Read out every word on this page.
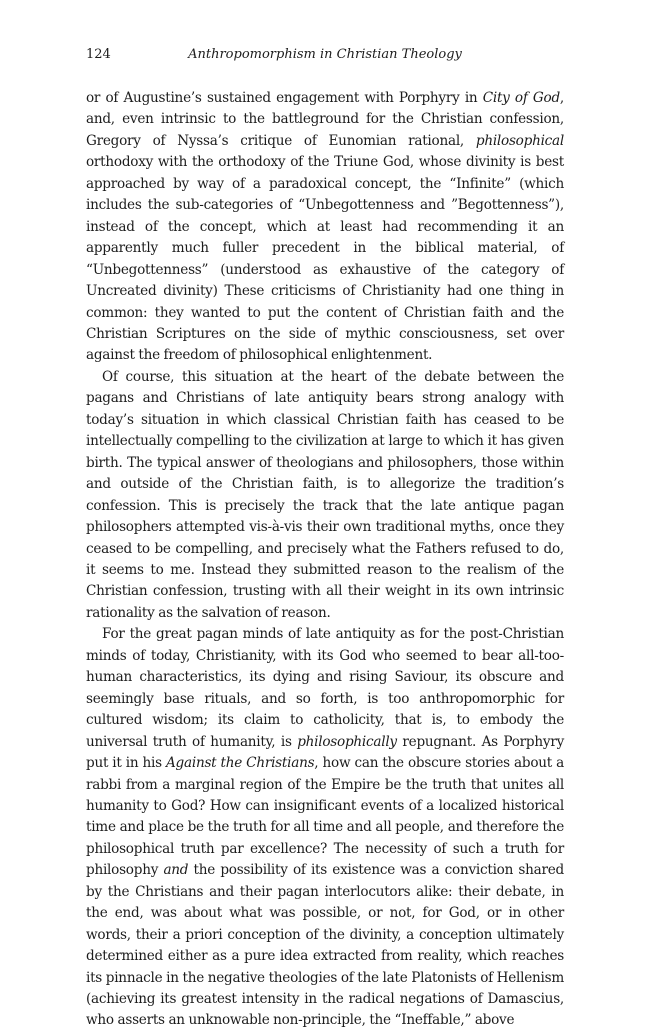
124	Anthropomorphism in Christian Theology

or of Augustine’s sustained engagement with Porphyry in City of God, and, even intrinsic to the battleground for the Christian confession, Gregory of Nyssa’s critique of Eunomian rational, philosophical orthodoxy with the orthodoxy of the Triune God, whose divinity is best approached by way of a paradoxical concept, the “Infinite” (which includes the sub-categories of “Unbegottenness and ”Begottenness”), instead of the concept, which at least had recommending it an apparently much fuller precedent in the biblical material, of “Unbegottenness” (understood as exhaustive of the category of Uncreated divinity) These criticisms of Christianity had one thing in common: they wanted to put the content of Christian faith and the Christian Scriptures on the side of mythic consciousness, set over against the freedom of philosophical enlightenment.

Of course, this situation at the heart of the debate between the pagans and Christians of late antiquity bears strong analogy with today’s situation in which classical Christian faith has ceased to be intellectually compelling to the civilization at large to which it has given birth. The typical answer of theologians and philosophers, those within and outside of the Christian faith, is to allegorize the tradition’s confession. This is precisely the track that the late antique pagan philosophers attempted vis-à-vis their own traditional myths, once they ceased to be compelling, and precisely what the Fathers refused to do, it seems to me. Instead they submitted reason to the realism of the Christian confession, trusting with all their weight in its own intrinsic rationality as the salvation of reason.

For the great pagan minds of late antiquity as for the post-Christian minds of today, Christianity, with its God who seemed to bear all-too-human characteristics, its dying and rising Saviour, its obscure and seemingly base rituals, and so forth, is too anthropomorphic for cultured wisdom; its claim to catholicity, that is, to embody the universal truth of humanity, is philosophically repugnant. As Porphyry put it in his Against the Christians, how can the obscure stories about a rabbi from a marginal region of the Empire be the truth that unites all humanity to God? How can insignificant events of a localized historical time and place be the truth for all time and all people, and therefore the philosophical truth par excellence? The necessity of such a truth for philosophy and the possibility of its existence was a conviction shared by the Christians and their pagan interlocutors alike: their debate, in the end, was about what was possible, or not, for God, or in other words, their a priori conception of the divinity, a conception ultimately determined either as a pure idea extracted from reality, which reaches its pinnacle in the negative theologies of the late Platonists of Hellenism (achieving its greatest intensity in the radical negations of Damascius, who asserts an unknowable non-principle, the “Ineffable,” above
